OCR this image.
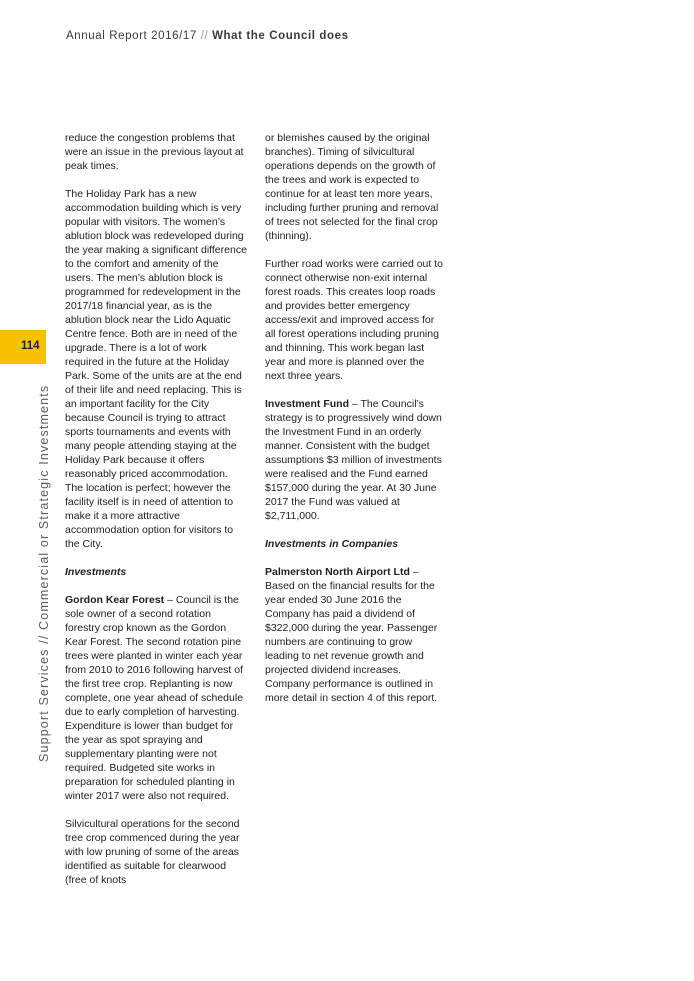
Annual Report 2016/17 // What the Council does
114
Support Services // Commercial or Strategic Investments

reduce the congestion problems that were an issue in the previous layout at peak times.

The Holiday Park has a new accommodation building which is very popular with visitors. The women’s ablution block was redeveloped during the year making a significant difference to the comfort and amenity of the users. The men’s ablution block is programmed for redevelopment in the 2017/18 financial year, as is the ablution block near the Lido Aquatic Centre fence. Both are in need of the upgrade. There is a lot of work required in the future at the Holiday Park. Some of the units are at the end of their life and need replacing. This is an important facility for the City because Council is trying to attract sports tournaments and events with many people attending staying at the Holiday Park because it offers reasonably priced accommodation. The location is perfect; however the facility itself is in need of attention to make it a more attractive accommodation option for visitors to the City.

Investments

Gordon Kear Forest – Council is the sole owner of a second rotation forestry crop known as the Gordon Kear Forest. The second rotation pine trees were planted in winter each year from 2010 to 2016 following harvest of the first tree crop. Replanting is now complete, one year ahead of schedule due to early completion of harvesting. Expenditure is lower than budget for the year as spot spraying and supplementary planting were not required. Budgeted site works in preparation for scheduled planting in winter 2017 were also not required.

Silvicultural operations for the second tree crop commenced during the year with low pruning of some of the areas identified as suitable for clearwood (free of knots

or blemishes caused by the original branches). Timing of silvicultural operations depends on the growth of the trees and work is expected to continue for at least ten more years, including further pruning and removal of trees not selected for the final crop (thinning).

Further road works were carried out to connect otherwise non-exit internal forest roads. This creates loop roads and provides better emergency access/exit and improved access for all forest operations including pruning and thinning. This work began last year and more is planned over the next three years.

Investment Fund – The Council’s strategy is to progressively wind down the Investment Fund in an orderly manner. Consistent with the budget assumptions $3 million of investments were realised and the Fund earned $157,000 during the year. At 30 June 2017 the Fund was valued at $2,711,000.

Investments in Companies

Palmerston North Airport Ltd – Based on the financial results for the year ended 30 June 2016 the Company has paid a dividend of $322,000 during the year. Passenger numbers are continuing to grow leading to net revenue growth and projected dividend increases. Company performance is outlined in more detail in section 4 of this report.
